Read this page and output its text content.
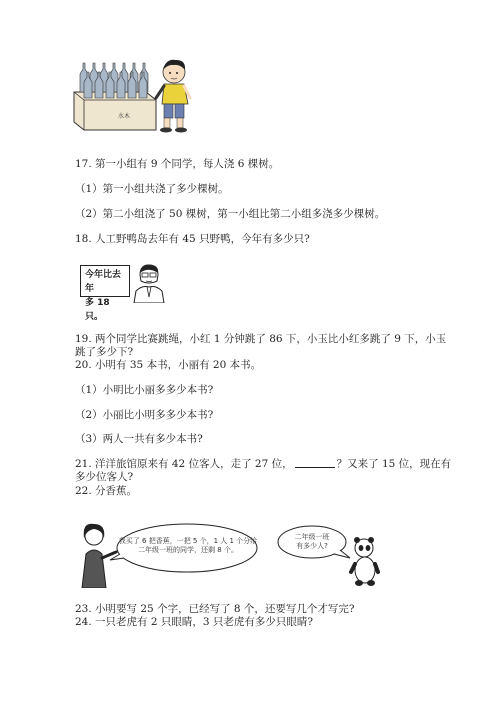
水木
17. 第一小组有 9 个同学，每人浇 6 棵树。
（1）第一小组共浇了多少棵树。
（2）第二小组浇了 50 棵树，第一小组比第二小组多浇多少棵树。
18. 人工野鸭岛去年有 45 只野鸭，今年有多少只?
今年比去年
多 18 只。
19. 两个同学比赛跳绳，小红 1 分钟跳了 86 下，小玉比小红多跳了 9 下，小玉
跳了多少下?
20. 小明有 35 本书，小丽有 20 本书。
（1）小明比小丽多多少本书?
（2）小丽比小明多多少本书?
（3）两人一共有多少本书?
21. 洋洋旅馆原来有 42 位客人，走了 27 位，	？又来了 15 位，现在有
多少位客人?
22. 分香蕉。
我买了 6 把香蕉，一把 5 个，1 人 1 个分给
二年级一班的同学，还剩 8 个。
二年级一班
有多少人?
23. 小明要写 25 个字，已经写了 8 个，还要写几个才写完?
24. 一只老虎有 2 只眼睛，3 只老虎有多少只眼睛?
